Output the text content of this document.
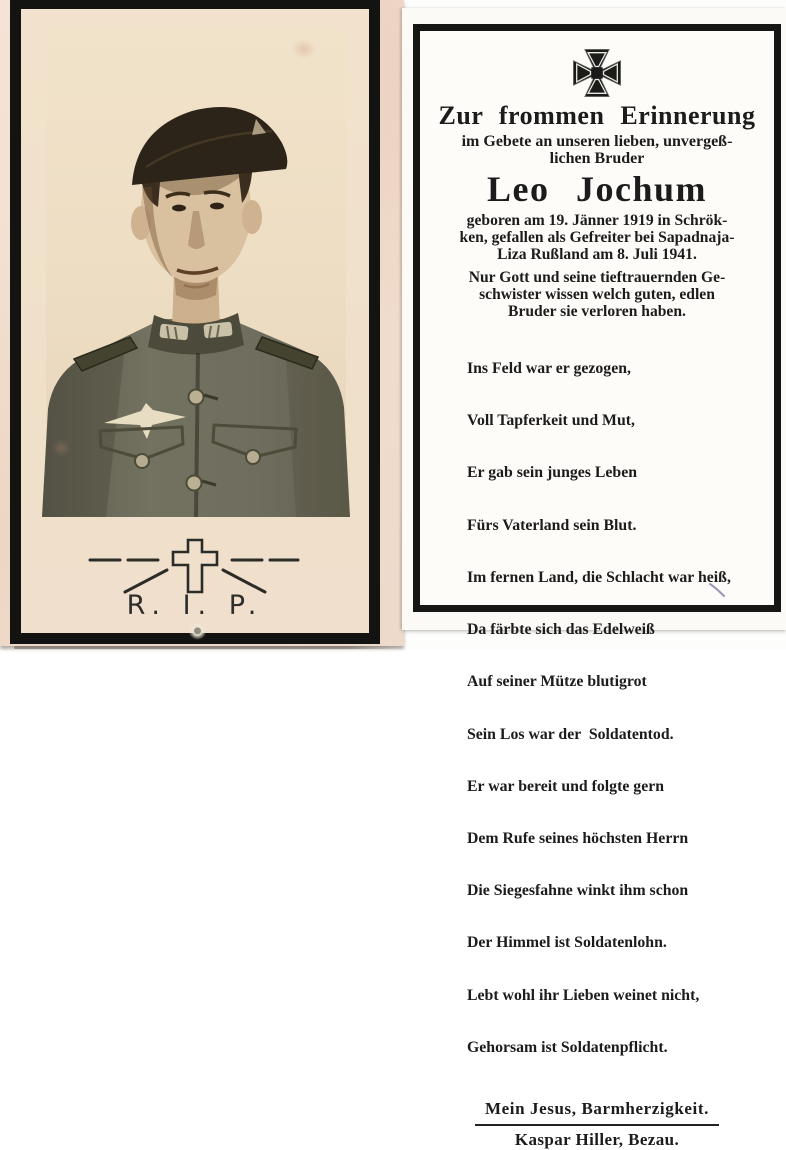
R. I. P.
Zur frommen Erinnerung
im Gebete an unseren lieben, unvergeß-
lichen Bruder
Leo Jochum
geboren am 19. Jänner 1919 in Schrök-
ken, gefallen als Gefreiter bei Sapadnaja-
Liza Rußland am 8. Juli 1941.
Nur Gott und seine tieftrauernden Ge-
schwister wissen welch guten, edlen
Bruder sie verloren haben.

Ins Feld war er gezogen,

Voll Tapferkeit und Mut,

Er gab sein junges Leben

Fürs Vaterland sein Blut.

Im fernen Land, die Schlacht war heiß,

Da färbte sich das Edelweiß

Auf seiner Mütze blutigrot

Sein Los war der  Soldatentod.

Er war bereit und folgte gern

Dem Rufe seines höchsten Herrn

Die Siegesfahne winkt ihm schon

Der Himmel ist Soldatenlohn.

Lebt wohl ihr Lieben weinet nicht,

Gehorsam ist Soldatenpflicht.

Mein Jesus, Barmherzigkeit.
Kaspar Hiller, Bezau.
